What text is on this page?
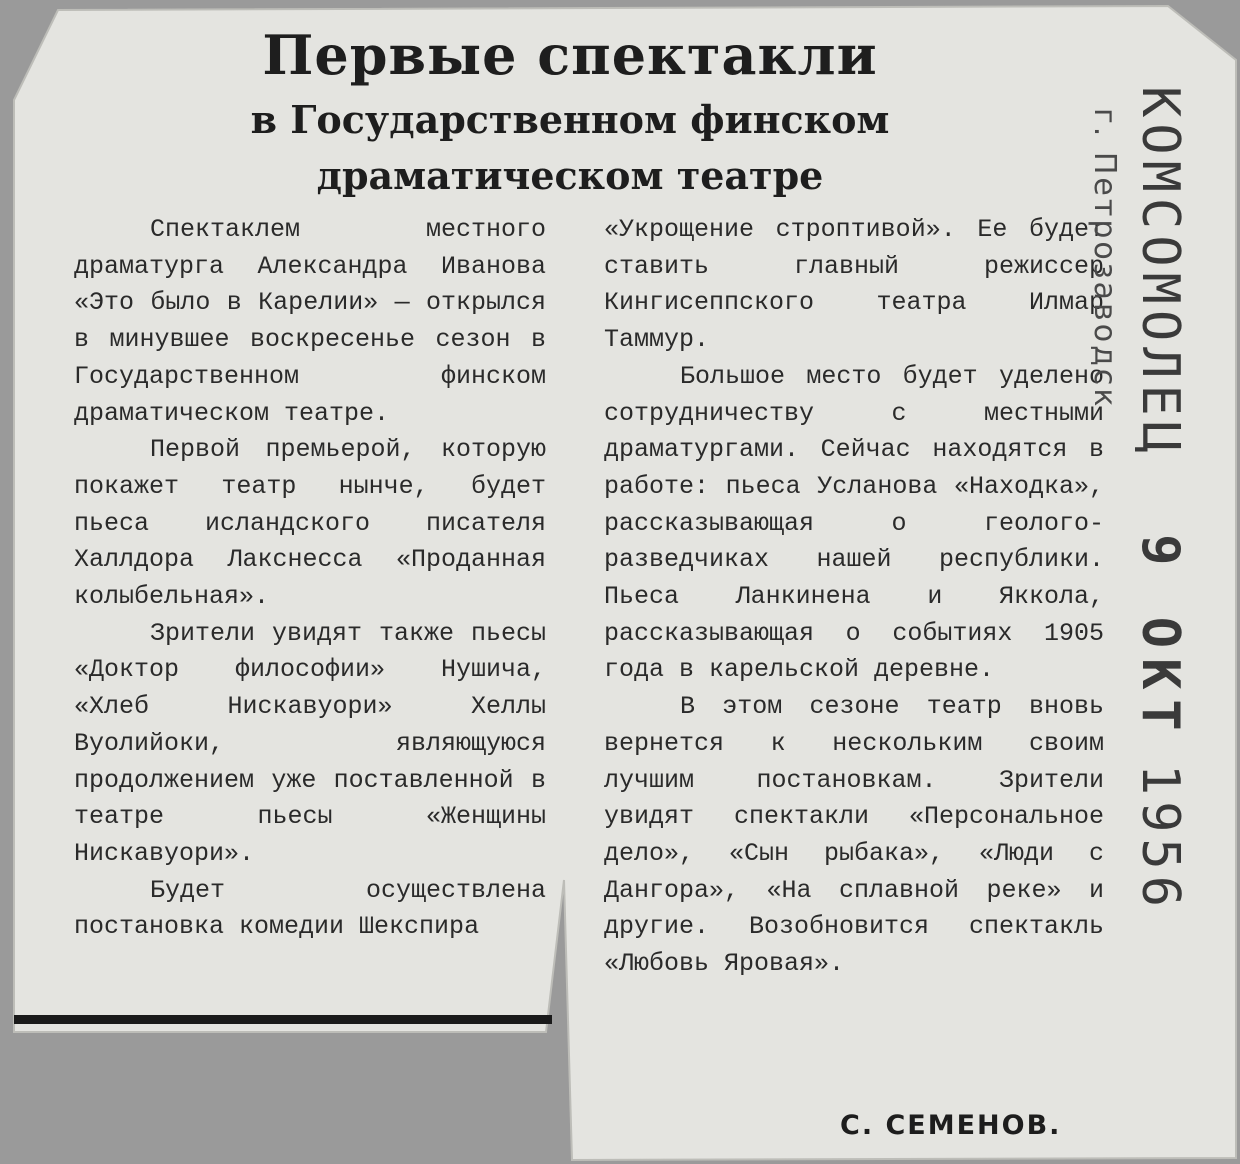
Первые спектакли
в Государственном финском
драматическом театре

Спектаклем местного драматурга Александра Иванова «Это было в Карелии» — открылся в минувшее воскресенье сезон в Государственном финском драматическом театре.

Первой премьерой, которую покажет театр нынче, будет пьеса исландского писателя Халлдора Лакснесса «Проданная колыбельная».

Зрители увидят также пьесы «Доктор философии» Нушича, «Хлеб Нискавуори» Хеллы Вуолийоки, являющуюся продолжением уже поставленной в театре пьесы «Женщины Нискавуори».

Будет осуществлена постановка комедии Шекспира

«Укрощение строптивой». Ее будет ставить главный режиссер Кингисеппского театра Илмар Таммур.

Большое место будет уделено сотрудничеству с местными драматургами. Сейчас находятся в работе: пьеса Усланова «Находка», рассказывающая о геолого-разведчиках нашей республики. Пьеса Ланкинена и Яккола, рассказывающая о событиях 1905 года в карельской деревне.

В этом сезоне театр вновь вернется к нескольким своим лучшим постановкам. Зрители увидят спектакли «Персональное дело», «Сын рыбака», «Люди с Дангора», «На сплавной реке» и другие. Возобновится спектакль «Любовь Яровая».

С. СЕМЕНОВ.
г. Петрозаводск КОМСОМОЛЕЦ 9 ОКТ 1956
